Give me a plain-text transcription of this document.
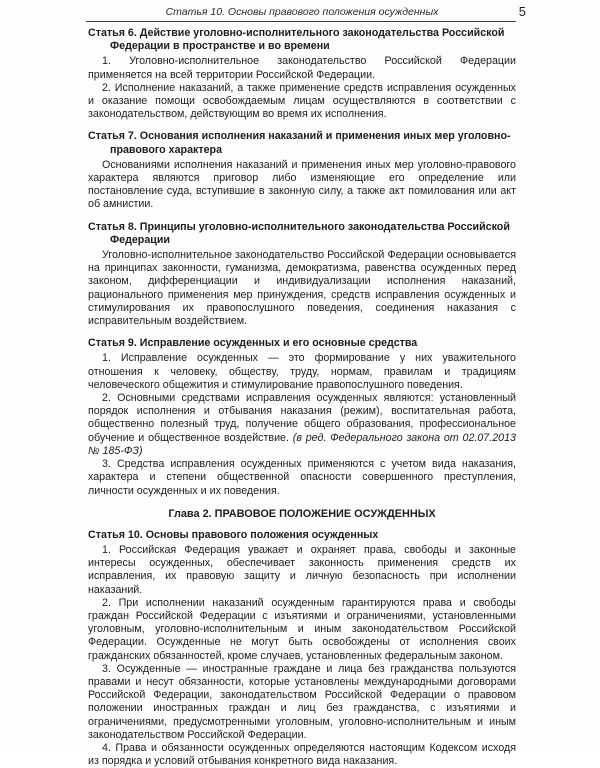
Статья 10. Основы правового положения осужденных	5

Статья 6. Действие уголовно-исполнительного законодательства Российской Федерации в пространстве и во времени

1. Уголовно-исполнительное законодательство Российской Федерации применяется на всей территории Российской Федерации.

2. Исполнение наказаний, а также применение средств исправления осужденных и оказание помощи освобождаемым лицам осуществляются в соответствии с законодательством, действующим во время их исполнения.

Статья 7. Основания исполнения наказаний и применения иных мер уголовно-правового характера

Основаниями исполнения наказаний и применения иных мер уголовно-правового характера являются приговор либо изменяющие его определение или постановление суда, вступившие в законную силу, а также акт помилования или акт об амнистии.

Статья 8. Принципы уголовно-исполнительного законодательства Российской Федерации

Уголовно-исполнительное законодательство Российской Федерации основывается на принципах законности, гуманизма, демократизма, равенства осужденных перед законом, дифференциации и индивидуализации исполнения наказаний, рационального применения мер принуждения, средств исправления осужденных и стимулирования их правопослушного поведения, соединения наказания с исправительным воздействием.

Статья 9. Исправление осужденных и его основные средства

1. Исправление осужденных — это формирование у них уважительного отношения к человеку, обществу, труду, нормам, правилам и традициям человеческого общежития и стимулирование правопослушного поведения.

2. Основными средствами исправления осужденных являются: установленный порядок исполнения и отбывания наказания (режим), воспитательная работа, общественно полезный труд, получение общего образования, профессиональное обучение и общественное воздействие. (в ред. Федерального закона от 02.07.2013 № 185-ФЗ)

3. Средства исправления осужденных применяются с учетом вида наказания, характера и степени общественной опасности совершенного преступления, личности осужденных и их поведения.

Глава 2. ПРАВОВОЕ ПОЛОЖЕНИЕ ОСУЖДЕННЫХ

Статья 10. Основы правового положения осужденных

1. Российская Федерация уважает и охраняет права, свободы и законные интересы осужденных, обеспечивает законность применения средств их исправления, их правовую защиту и личную безопасность при исполнении наказаний.

2. При исполнении наказаний осужденным гарантируются права и свободы граждан Российской Федерации с изъятиями и ограничениями, установленными уголовным, уголовно-исполнительным и иным законодательством Российской Федерации. Осужденные не могут быть освобождены от исполнения своих гражданских обязанностей, кроме случаев, установленных федеральным законом.

3. Осужденные — иностранные граждане и лица без гражданства пользуются правами и несут обязанности, которые установлены международными договорами Российской Федерации, законодательством Российской Федерации о правовом положении иностранных граждан и лиц без гражданства, с изъятиями и ограничениями, предусмотренными уголовным, уголовно-исполнительным и иным законодательством Российской Федерации.

4. Права и обязанности осужденных определяются настоящим Кодексом исходя из порядка и условий отбывания конкретного вида наказания.
